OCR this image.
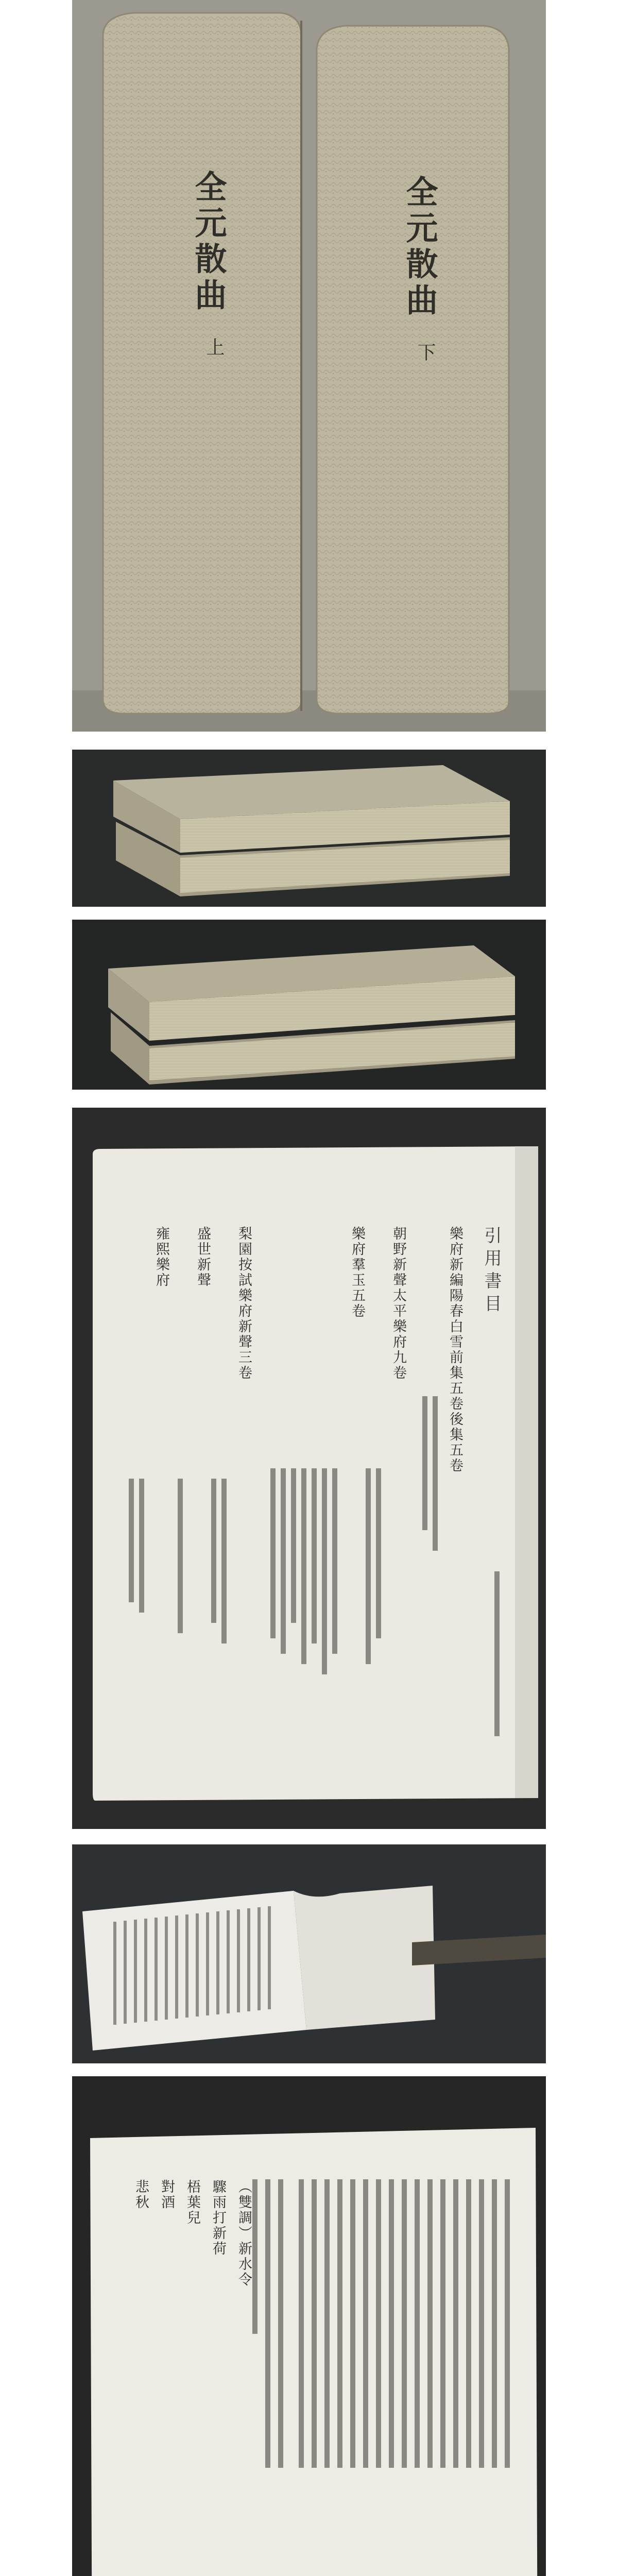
全元散曲
上
全元散曲
下
引用書目
樂府新編陽春白雪前集五卷後集五卷

朝野新聲太平樂府九卷
樂府羣玉五卷
梨園按試樂府新聲三卷
盛世新聲
雍熙樂府
（雙調）新水令
驟雨打新荷
梧葉兒
對酒
悲秋
